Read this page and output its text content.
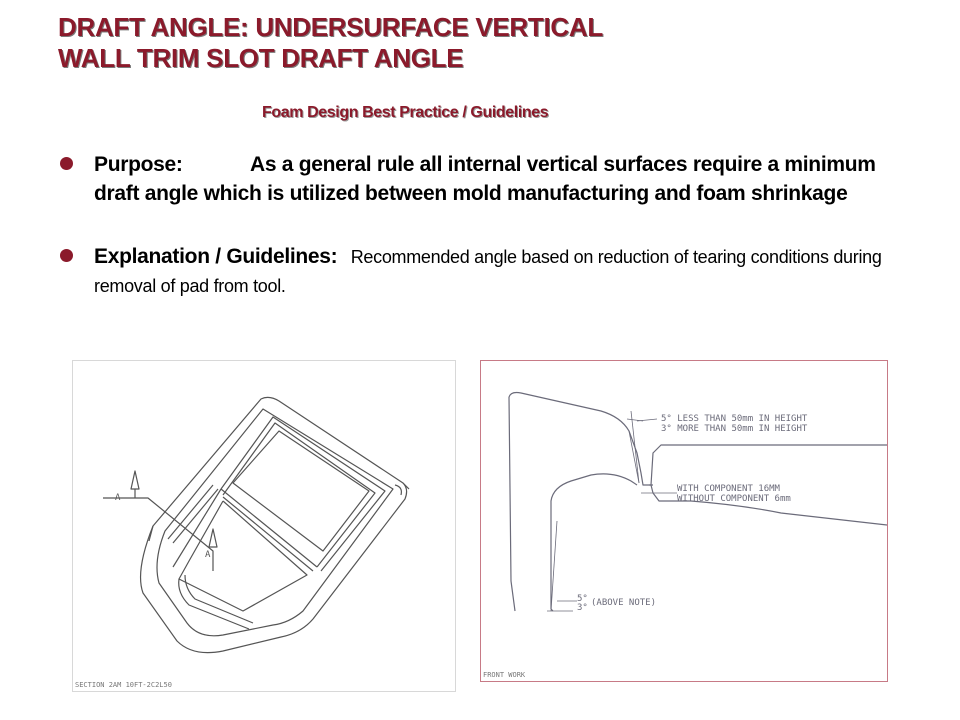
DRAFT ANGLE: UNDERSURFACE VERTICAL
WALL TRIM SLOT DRAFT ANGLE
Foam Design Best Practice / Guidelines
Purpose:	As a general rule all internal vertical surfaces require a minimum draft angle which is utilized between mold manufacturing and foam shrinkage
Explanation / Guidelines: Recommended angle based on reduction of tearing conditions during removal of pad from tool.
A
A
SECTION 2AM 10FT-2C2L50
5° LESS THAN 50mm IN HEIGHT
3° MORE THAN 50mm IN HEIGHT
WITH COMPONENT 16MM
WITHOUT COMPONENT 6mm
5°
3° (ABOVE NOTE)
FRONT WORK
